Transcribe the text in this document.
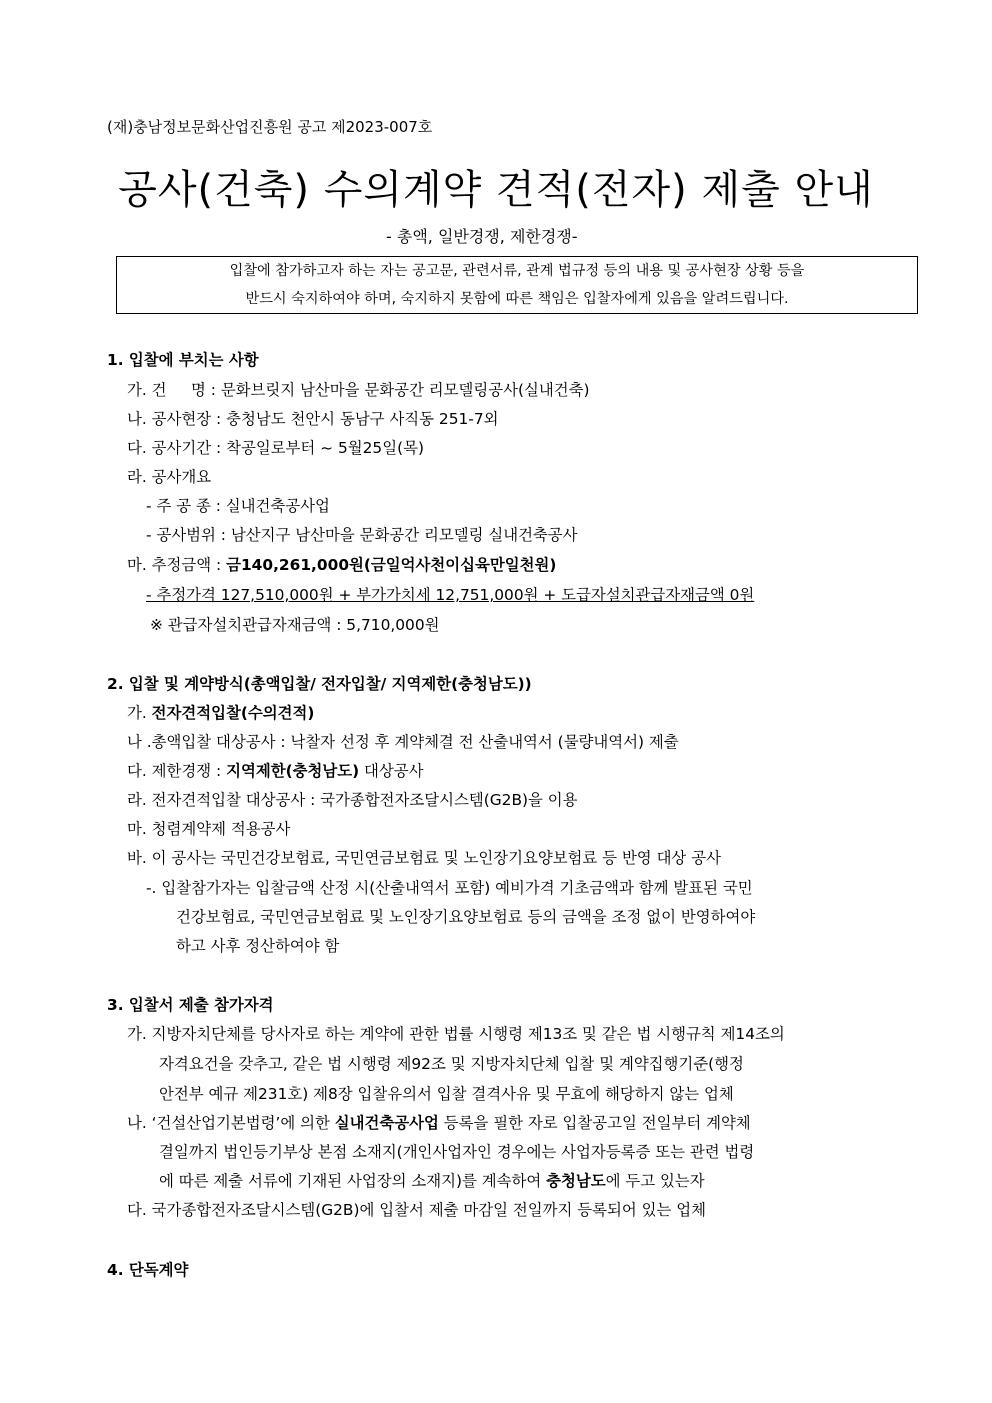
(재)충남정보문화산업진흥원 공고 제2023-007호
공사(건축) 수의계약 견적(전자) 제출 안내
- 총액, 일반경쟁, 제한경쟁-
입찰에 참가하고자 하는 자는 공고문, 관련서류, 관계 법규정 등의 내용 및 공사현장 상황 등을
반드시 숙지하여야 하며, 숙지하지 못함에 따른 책임은 입찰자에게 있음을 알려드립니다.
1. 입찰에 부치는 사항
가. 건     명 : 문화브릿지 남산마을 문화공간 리모델링공사(실내건축)
나. 공사현장 : 충청남도 천안시 동남구 사직동 251-7외
다. 공사기간 : 착공일로부터 ~ 5월25일(목)
라. 공사개요
- 주 공 종 : 실내건축공사업
- 공사범위 : 남산지구 남산마을 문화공간 리모델링 실내건축공사
마. 추정금액 : 금140,261,000원(금일억사천이십육만일천원)
- 추정가격 127,510,000원 + 부가가치세 12,751,000원 + 도급자설치관급자재금액 0원
※ 관급자설치관급자재금액 : 5,710,000원
2. 입찰 및 계약방식(총액입찰/ 전자입찰/ 지역제한(충청남도))
가. 전자견적입찰(수의견적)
나 .총액입찰 대상공사 : 낙찰자 선정 후 계약체결 전 산출내역서 (물량내역서) 제출
다. 제한경쟁 : 지역제한(충청남도) 대상공사
라. 전자견적입찰 대상공사 : 국가종합전자조달시스템(G2B)을 이용
마. 청렴계약제 적용공사
바. 이 공사는 국민건강보험료, 국민연금보험료 및 노인장기요양보험료 등 반영 대상 공사
-. 입찰참가자는 입찰금액 산정 시(산출내역서 포함) 예비가격 기초금액과 함께 발표된 국민
건강보험료, 국민연금보험료 및 노인장기요양보험료 등의 금액을 조정 없이 반영하여야
하고 사후 정산하여야 함
3. 입찰서 제출 참가자격
가. 지방자치단체를 당사자로 하는 계약에 관한 법률 시행령 제13조 및 같은 법 시행규칙 제14조의
자격요건을 갖추고, 같은 법 시행령 제92조 및 지방자치단체 입찰 및 계약집행기준(행정
안전부 예규 제231호) 제8장 입찰유의서 입찰 결격사유 및 무효에 해당하지 않는 업체
나. ‘건설산업기본법령’에 의한 실내건축공사업 등록을 필한 자로 입찰공고일 전일부터 계약체
결일까지 법인등기부상 본점 소재지(개인사업자인 경우에는 사업자등록증 또는 관련 법령
에 따른 제출 서류에 기재된 사업장의 소재지)를 계속하여 충청남도에 두고 있는자
다. 국가종합전자조달시스템(G2B)에 입찰서 제출 마감일 전일까지 등록되어 있는 업체
4. 단독계약
